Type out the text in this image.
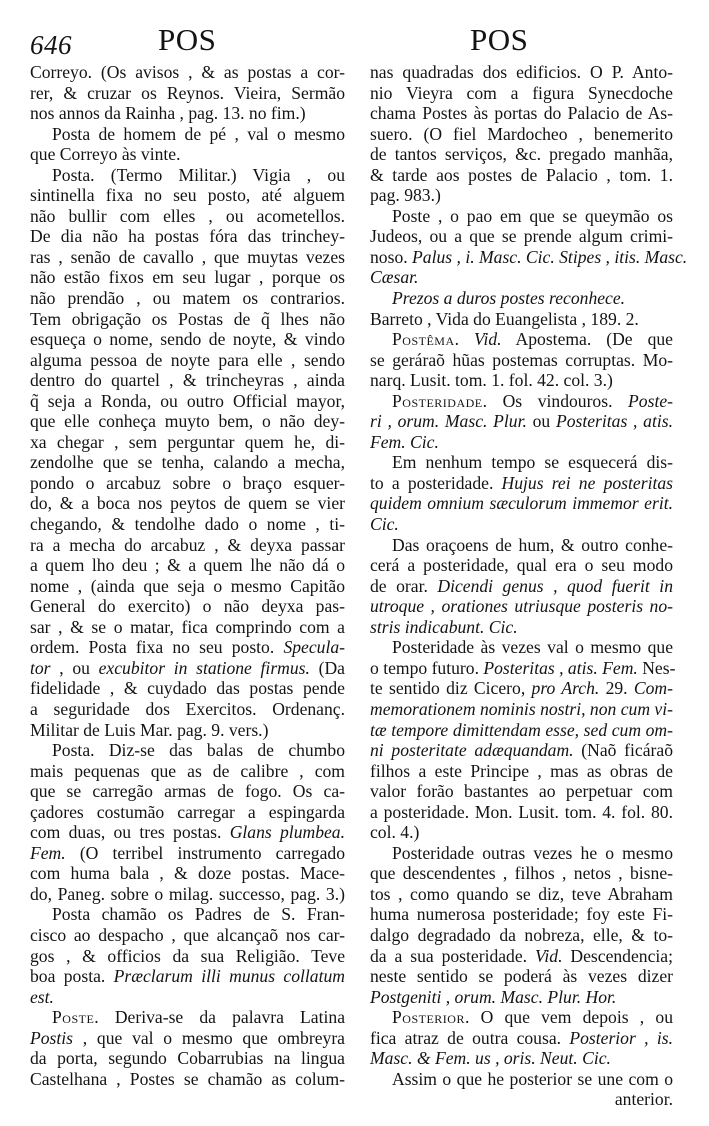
646	POS	POS
Correyo. (Os avisos , & as postas a cor-
rer, & cruzar os Reynos. Vieira, Sermão
nos annos da Rainha , pag. 13. no fim.)
Posta de homem de pé , val o mesmo
que Correyo às vinte.
Posta. (Termo Militar.) Vigia , ou
sintinella fixa no seu posto, até alguem
não bullir com elles , ou acometellos.
De dia não ha postas fóra das trinchey-
ras , senão de cavallo , que muytas vezes
não estão fixos em seu lugar , porque os
não prendão , ou matem os contrarios.
Tem obrigação os Postas de q̃ lhes não
esqueça o nome, sendo de noyte, & vindo
alguma pessoa de noyte para elle , sendo
dentro do quartel , & trincheyras , ainda
q̃ seja a Ronda, ou outro Official mayor,
que elle conheça muyto bem, o não dey-
xa chegar , sem perguntar quem he, di-
zendolhe que se tenha, calando a mecha,
pondo o arcabuz sobre o braço esquer-
do, & a boca nos peytos de quem se vier
chegando, & tendolhe dado o nome , ti-
ra a mecha do arcabuz , & deyxa passar
a quem lho deu ; & a quem lhe não dá o
nome , (ainda que seja o mesmo Capitão
General do exercito) o não deyxa pas-
sar , & se o matar, fica comprindo com a
ordem. Posta fixa no seu posto. Specula-
tor , ou excubitor in statione firmus. (Da
fidelidade , & cuydado das postas pende
a seguridade dos Exercitos. Ordenanç.
Militar de Luis Mar. pag. 9. vers.)
Posta. Diz-se das balas de chumbo
mais pequenas que as de calibre , com
que se carregão armas de fogo. Os ca-
çadores costumão carregar a espingarda
com duas, ou tres postas. Glans plumbea.
Fem. (O terribel instrumento carregado
com huma bala , & doze postas. Mace-
do, Paneg. sobre o milag. successo, pag. 3.)
Posta chamão os Padres de S. Fran-
cisco ao despacho , que alcançaõ nos car-
gos , & officios da sua Religião. Teve
boa posta. Præclarum illi munus collatum
est.
Poste. Deriva-se da palavra Latina
Postis , que val o mesmo que ombreyra
da porta, segundo Cobarrubias na lingua
Castelhana , Postes se chamão as colum-
nas quadradas dos edificios. O P. Anto-
nio Vieyra com a figura Synecdoche
chama Postes às portas do Palacio de As-
suero. (O fiel Mardocheo , benemerito
de tantos serviços, &c. pregado manhãa,
& tarde aos postes de Palacio , tom. 1.
pag. 983.)
Poste , o pao em que se queymão os
Judeos, ou a que se prende algum crimi-
noso. Palus , i. Masc. Cic. Stipes , itis. Masc.
Cæsar.
Prezos a duros postes reconhece.
Barreto , Vida do Euangelista , 189. 2.
Postêma. Vid. Apostema. (De que
se geráraõ hũas postemas corruptas. Mo-
narq. Lusit. tom. 1. fol. 42. col. 3.)
Posteridade. Os vindouros. Poste-
ri , orum. Masc. Plur. ou Posteritas , atis.
Fem. Cic.
Em nenhum tempo se esquecerá dis-
to a posteridade. Hujus rei ne posteritas
quidem omnium sæculorum immemor erit.
Cic.
Das oraçoens de hum, & outro conhe-
cerá a posteridade, qual era o seu modo
de orar. Dicendi genus , quod fuerit in
utroque , orationes utriusque posteris no-
stris indicabunt. Cic.
Posteridade às vezes val o mesmo que
o tempo futuro. Posteritas , atis. Fem. Nes-
te sentido diz Cicero, pro Arch. 29. Com-
memorationem nominis nostri, non cum vi-
tæ tempore dimittendam esse, sed cum om-
ni posteritate adæquandam. (Naõ ficáraõ
filhos a este Principe , mas as obras de
valor forão bastantes ao perpetuar com
a posteridade. Mon. Lusit. tom. 4. fol. 80.
col. 4.)
Posteridade outras vezes he o mesmo
que descendentes , filhos , netos , bisne-
tos , como quando se diz, teve Abraham
huma numerosa posteridade; foy este Fi-
dalgo degradado da nobreza, elle, & to-
da a sua posteridade. Vid. Descendencia;
neste sentido se poderá às vezes dizer
Postgeniti , orum. Masc. Plur. Hor.
Posterior. O que vem depois , ou
fica atraz de outra cousa. Posterior , is.
Masc. & Fem. us , oris. Neut. Cic.
Assim o que he posterior se une com o
anterior.
